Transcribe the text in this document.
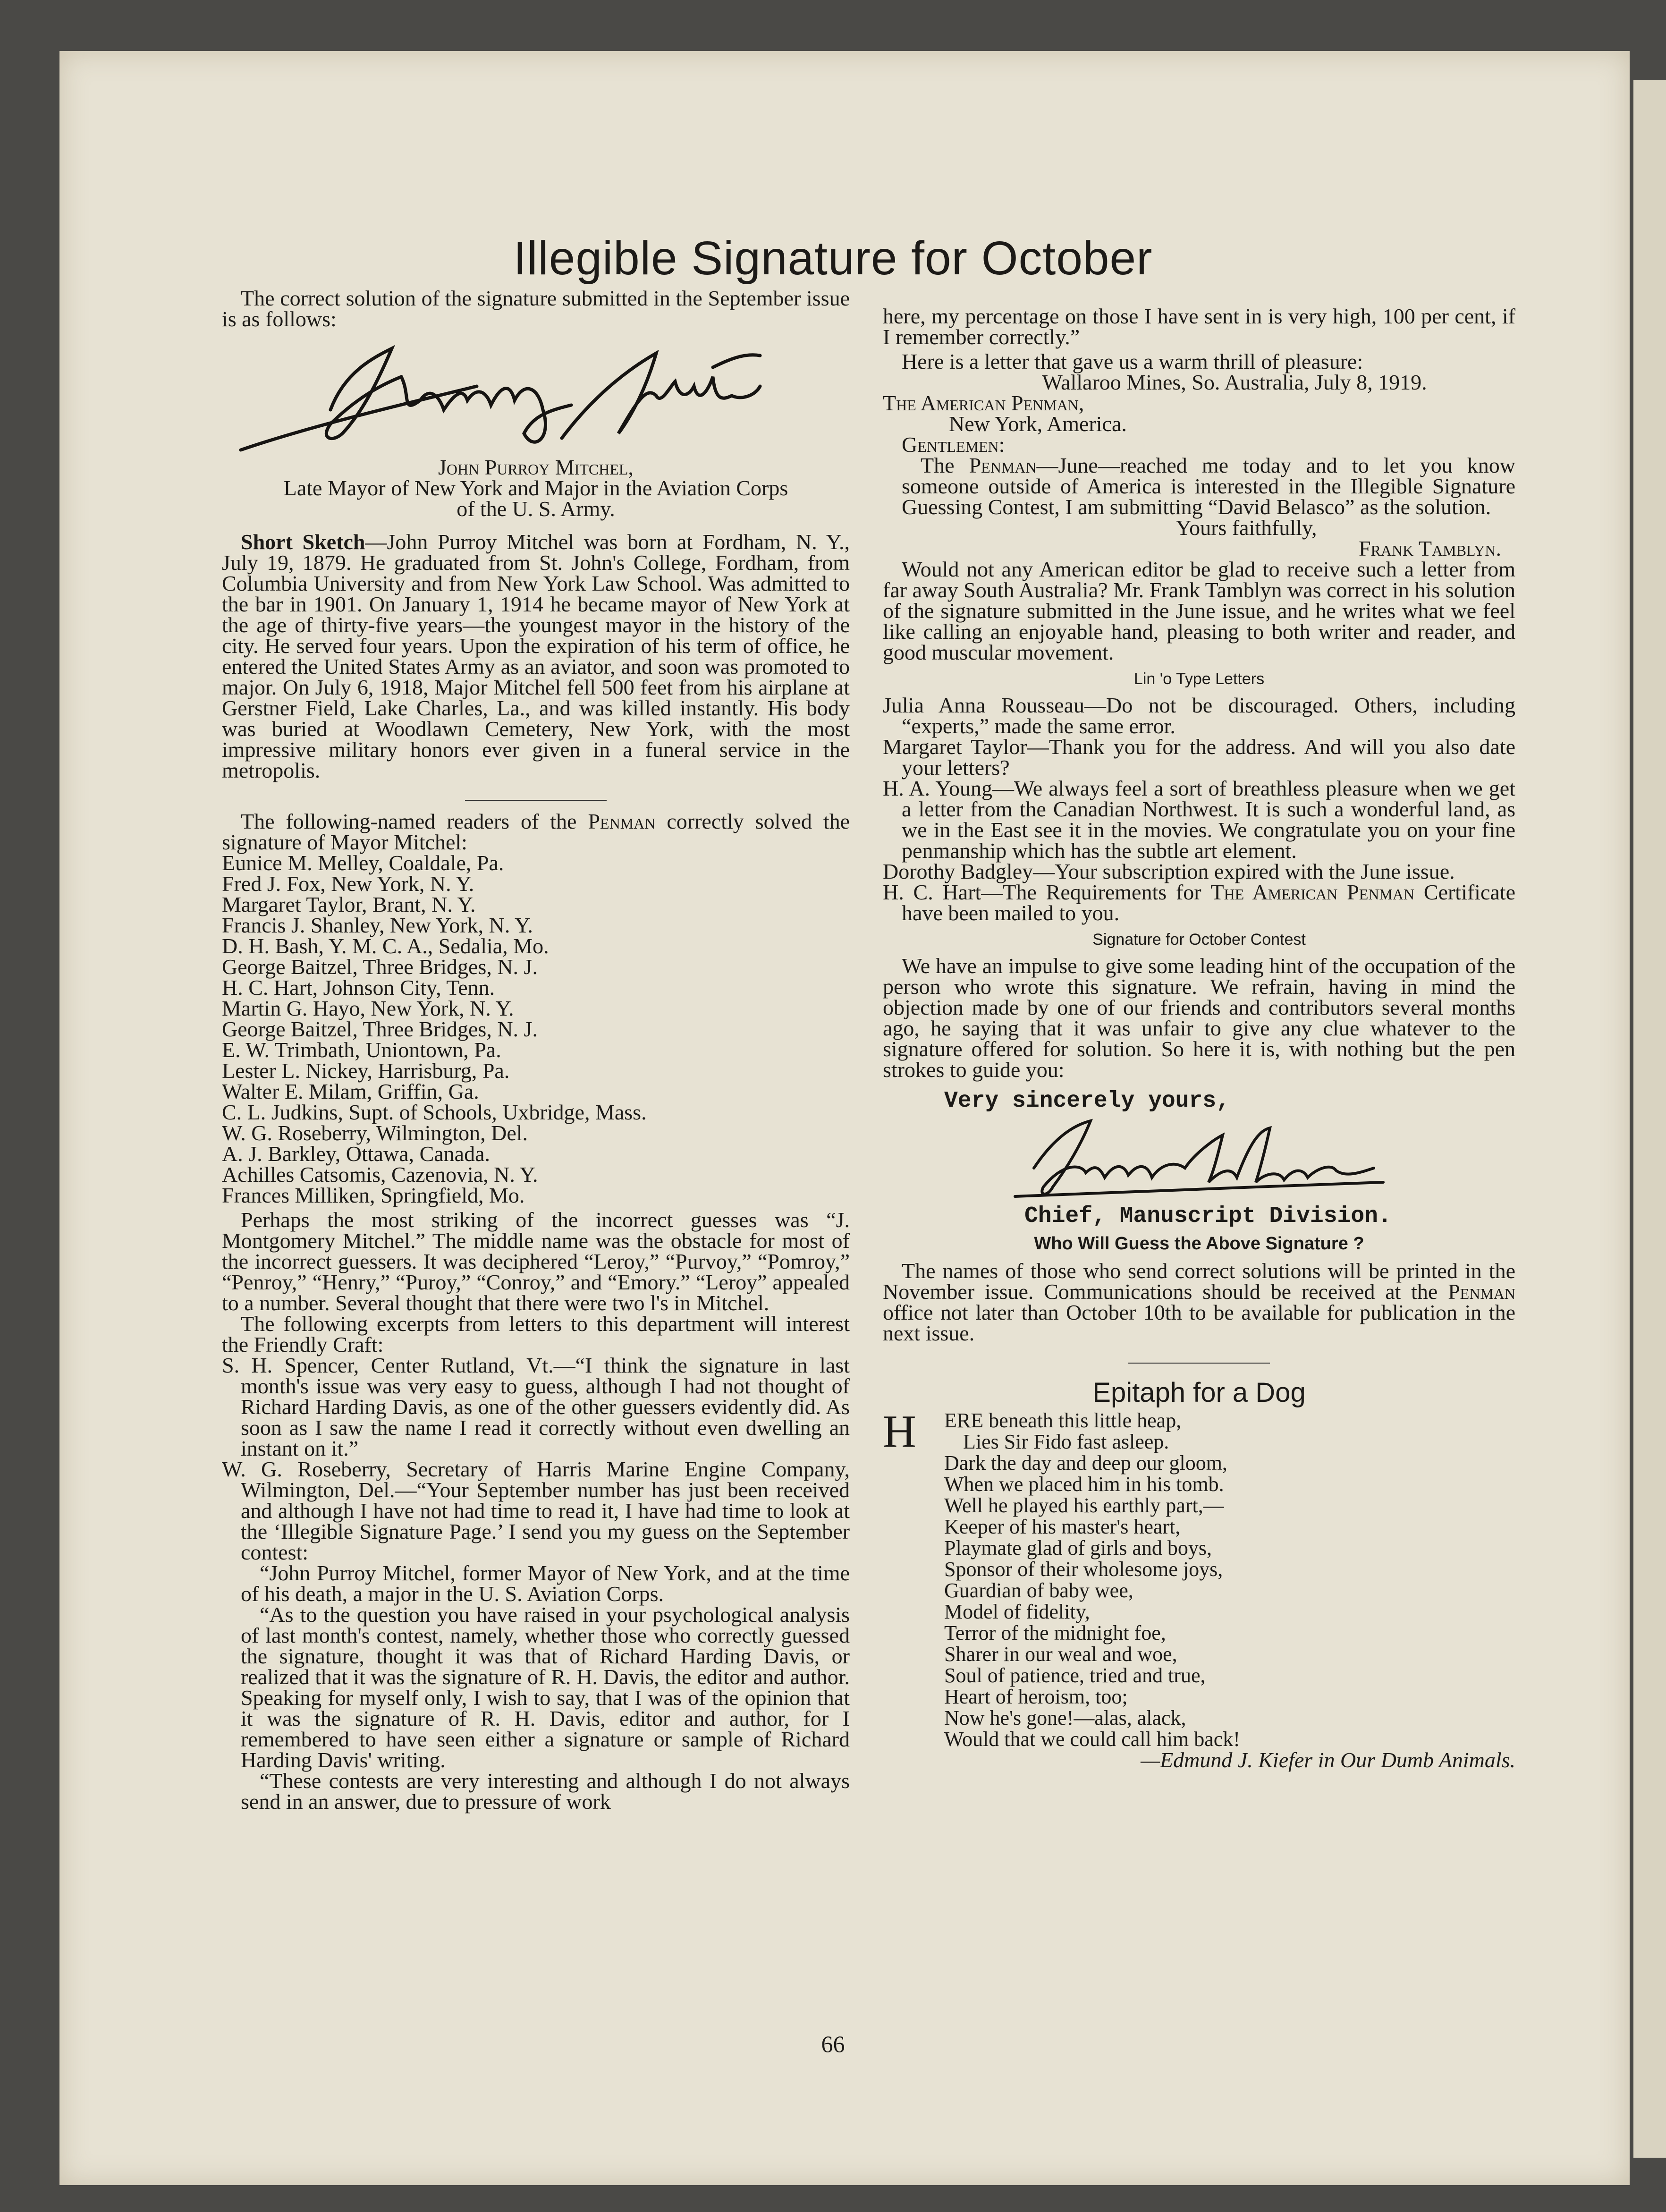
Illegible Signature for October

The correct solution of the signature submitted in the September issue is as follows:

John Purroy Mitchel,

Late Mayor of New York and Major in the Aviation Corps

of the U. S. Army.

Short Sketch—John Purroy Mitchel was born at Fordham, N. Y., July 19, 1879. He graduated from St. John's College, Fordham, from Columbia University and from New York Law School. Was admitted to the bar in 1901. On January 1, 1914 he became mayor of New York at the age of thirty-five years—the youngest mayor in the history of the city. He served four years. Upon the expiration of his term of office, he entered the United States Army as an aviator, and soon was promoted to major. On July 6, 1918, Major Mitchel fell 500 feet from his airplane at Gerstner Field, Lake Charles, La., and was killed instantly. His body was buried at Woodlawn Cemetery, New York, with the most impressive military honors ever given in a funeral service in the metropolis.

The following-named readers of the Penman correctly solved the signature of Mayor Mitchel:

Eunice M. Melley, Coaldale, Pa.

Fred J. Fox, New York, N. Y.

Margaret Taylor, Brant, N. Y.

Francis J. Shanley, New York, N. Y.

D. H. Bash, Y. M. C. A., Sedalia, Mo.

George Baitzel, Three Bridges, N. J.

H. C. Hart, Johnson City, Tenn.

Martin G. Hayo, New York, N. Y.

George Baitzel, Three Bridges, N. J.

E. W. Trimbath, Uniontown, Pa.

Lester L. Nickey, Harrisburg, Pa.

Walter E. Milam, Griffin, Ga.

C. L. Judkins, Supt. of Schools, Uxbridge, Mass.

W. G. Roseberry, Wilmington, Del.

A. J. Barkley, Ottawa, Canada.

Achilles Catsomis, Cazenovia, N. Y.

Frances Milliken, Springfield, Mo.

Perhaps the most striking of the incorrect guesses was “J. Montgomery Mitchel.” The middle name was the obstacle for most of the incorrect guessers. It was deciphered “Leroy,” “Purvoy,” “Pomroy,” “Penroy,” “Henry,” “Puroy,” “Conroy,” and “Emory.” “Leroy” appealed to a number. Several thought that there were two l's in Mitchel.

The following excerpts from letters to this department will interest the Friendly Craft:

S. H. Spencer, Center Rutland, Vt.—“I think the signature in last month's issue was very easy to guess, although I had not thought of Richard Harding Davis, as one of the other guessers evidently did. As soon as I saw the name I read it correctly without even dwelling an instant on it.”

W. G. Roseberry, Secretary of Harris Marine Engine Company, Wilmington, Del.—“Your September number has just been received and although I have not had time to read it, I have had time to look at the ‘Illegible Signature Page.’ I send you my guess on the September contest:

“John Purroy Mitchel, former Mayor of New York, and at the time of his death, a major in the U. S. Aviation Corps.

“As to the question you have raised in your psychological analysis of last month's contest, namely, whether those who correctly guessed the signature, thought it was that of Richard Harding Davis, or realized that it was the signature of R. H. Davis, the editor and author. Speaking for myself only, I wish to say, that I was of the opinion that it was the signature of R. H. Davis, editor and author, for I remembered to have seen either a signature or sample of Richard Harding Davis' writing.

“These contests are very interesting and although I do not always send in an answer, due to pressure of work

here, my percentage on those I have sent in is very high, 100 per cent, if I remember correctly.”

Here is a letter that gave us a warm thrill of pleasure:

Wallaroo Mines, So. Australia, July 8, 1919.

The American Penman,

New York, America.

Gentlemen:

The Penman—June—reached me today and to let you know someone outside of America is interested in the Illegible Signature Guessing Contest, I am submitting “David Belasco” as the solution.

Yours faithfully,

Frank Tamblyn.

Would not any American editor be glad to receive such a letter from far away South Australia? Mr. Frank Tamblyn was correct in his solution of the signature submitted in the June issue, and he writes what we feel like calling an enjoyable hand, pleasing to both writer and reader, and good muscular movement.

Lin 'o Type Letters

Julia Anna Rousseau—Do not be discouraged. Others, including “experts,” made the same error.

Margaret Taylor—Thank you for the address. And will you also date your letters?

H. A. Young—We always feel a sort of breathless pleasure when we get a letter from the Canadian Northwest. It is such a wonderful land, as we in the East see it in the movies. We congratulate you on your fine penmanship which has the subtle art element.

Dorothy Badgley—Your subscription expired with the June issue.

H. C. Hart—The Requirements for The American Penman Certificate have been mailed to you.

Signature for October Contest

We have an impulse to give some leading hint of the occupation of the person who wrote this signature. We refrain, having in mind the objection made by one of our friends and contributors several months ago, he saying that it was unfair to give any clue whatever to the signature offered for solution. So here it is, with nothing but the pen strokes to guide you:

Very sincerely yours,

Chief, Manuscript Division.

Who Will Guess the Above Signature ?

The names of those who send correct solutions will be printed in the November issue. Communications should be received at the Penman office not later than October 10th to be available for publication in the next issue.

Epitaph for a Dog

H ERE beneath this little heap,

Lies Sir Fido fast asleep.

Dark the day and deep our gloom,

When we placed him in his tomb.

Well he played his earthly part,—

Keeper of his master's heart,

Playmate glad of girls and boys,

Sponsor of their wholesome joys,

Guardian of baby wee,

Model of fidelity,

Terror of the midnight foe,

Sharer in our weal and woe,

Soul of patience, tried and true,

Heart of heroism, too;

Now he's gone!—alas, alack,

Would that we could call him back!

—Edmund J. Kiefer in Our Dumb Animals.

66
